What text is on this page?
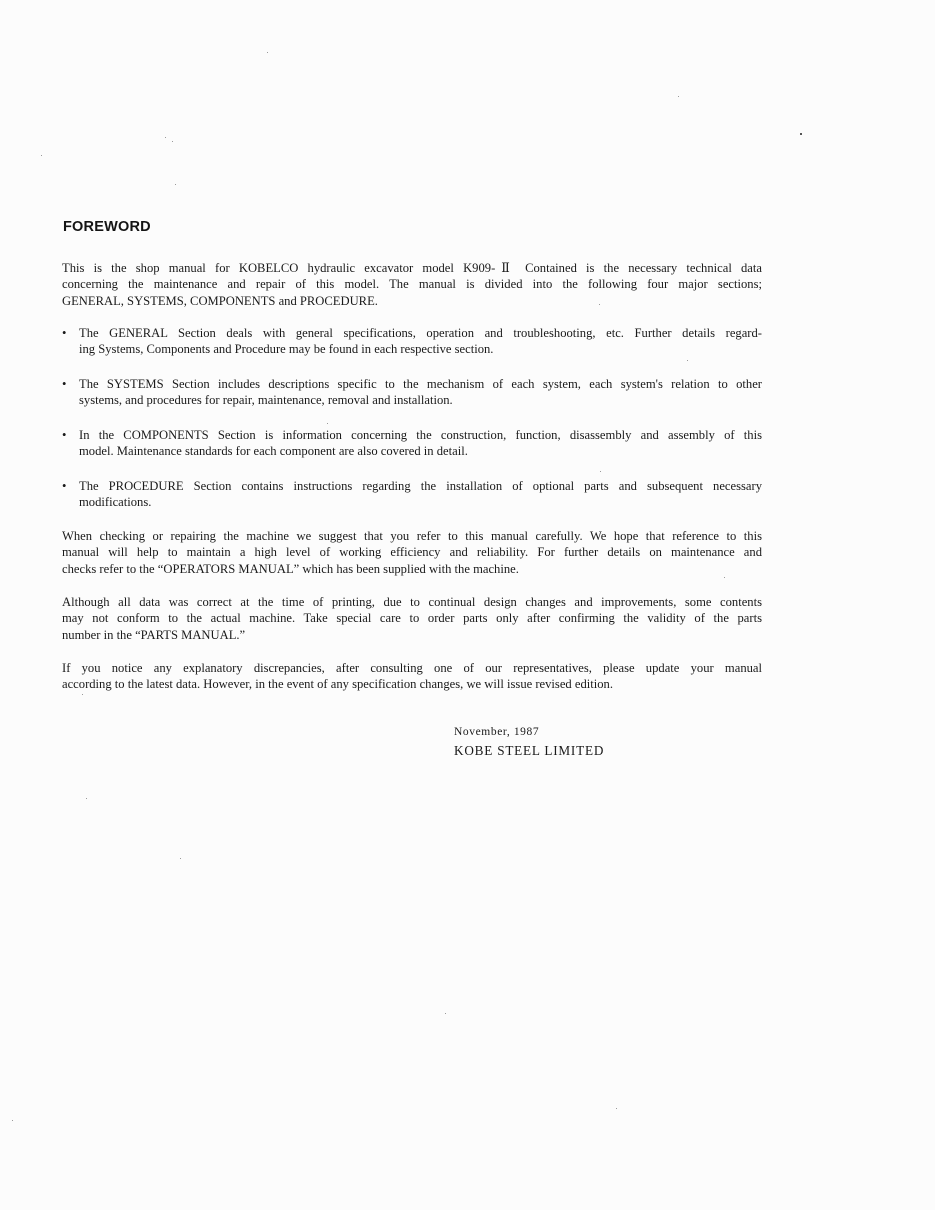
FOREWORD
This is the shop manual for KOBELCO hydraulic excavator model K909-Ⅱ Contained is the necessary technical data
concerning the maintenance and repair of this model. The manual is divided into the following four major sections;
GENERAL, SYSTEMS, COMPONENTS and PROCEDURE.
• The GENERAL Section deals with general specifications, operation and troubleshooting, etc. Further details regard-
ing Systems, Components and Procedure may be found in each respective section.
• The SYSTEMS Section includes descriptions specific to the mechanism of each system, each system's relation to other
systems, and procedures for repair, maintenance, removal and installation.
• In the COMPONENTS Section is information concerning the construction, function, disassembly and assembly of this
model. Maintenance standards for each component are also covered in detail.
• The PROCEDURE Section contains instructions regarding the installation of optional parts and subsequent necessary
modifications.
When checking or repairing the machine we suggest that you refer to this manual carefully. We hope that reference to this
manual will help to maintain a high level of working efficiency and reliability. For further details on maintenance and
checks refer to the “OPERATORS MANUAL” which has been supplied with the machine.
Although all data was correct at the time of printing, due to continual design changes and improvements, some contents
may not conform to the actual machine. Take special care to order parts only after confirming the validity of the parts
number in the “PARTS MANUAL.”
If you notice any explanatory discrepancies, after consulting one of our representatives, please update your manual
according to the latest data. However, in the event of any specification changes, we will issue revised edition.
November, 1987
KOBE STEEL LIMITED
